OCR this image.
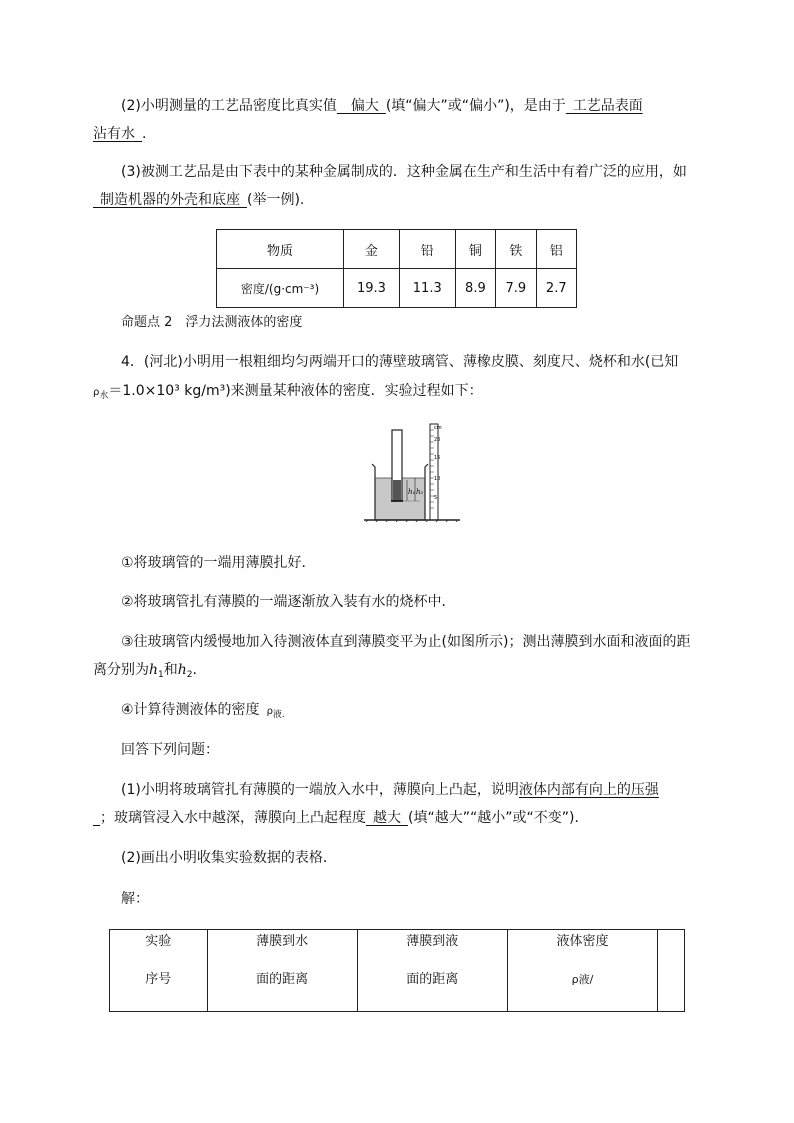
(2)小明测量的工艺品密度比真实值   偏大  (填“偏大”或“偏小”)，是由于  工艺品表面
沾有水  .
(3)被测工艺品是由下表中的某种金属制成的．这种金属在生产和生活中有着广泛的应用，如
 制造机器的外壳和底座  (举一例).
物质	金	铅	铜	铁	铝
密度/(g·cm⁻³)	19.3	11.3	8.9	7.9	2.7
命题点 2　浮力法测液体的密度
4．(河北)小明用一根粗细均匀两端开口的薄壁玻璃管、薄橡皮膜、刻度尺、烧杯和水(已知
$\rho_水=1.0\times 10^3$ kg/m³)来测量某种液体的密度．实验过程如下：
h₁ h₂
cm
20
15
10
5
①将玻璃管的一端用薄膜扎好．
②将玻璃管扎有薄膜的一端逐渐放入装有水的烧杯中．
③往玻璃管内缓慢地加入待测液体直到薄膜变平为止(如图所示)；测出薄膜到水面和液面的距
离分别为$h_1$和$h_2$.
④计算待测液体的密度  $\rho_{液.}$
回答下列问题：
(1)小明将玻璃管扎有薄膜的一端放入水中，薄膜向上凸起，说明液体内部有向上的压强
 ；玻璃管浸入水中越深，薄膜向上凸起程度  越大  (填“越大”“越小”或“不变”)．
(2)画出小明收集实验数据的表格．
解：
实验
序号

薄膜到水
面的距离

薄膜到液
面的距离

液体密度
ρ液/
